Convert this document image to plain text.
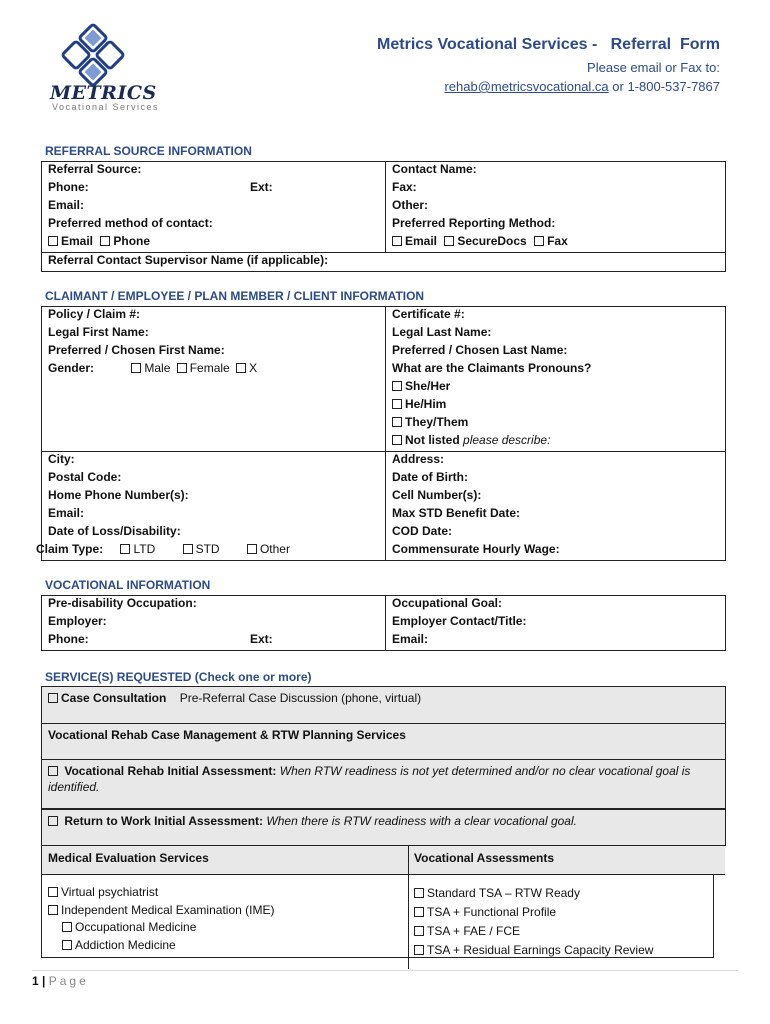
METRICS
Vocational Services
Metrics Vocational Services -   Referral  Form
Please email or Fax to:
rehab@metricsvocational.ca or 1-800-537-7867
REFERRAL SOURCE INFORMATION
Referral Source:	Contact Name:
Phone: Ext:	Fax:
Email:	Other:
Preferred method of contact:	Preferred Reporting Method:
Email Phone	Email SecureDocs Fax
Referral Contact Supervisor Name (if applicable):	
CLAIMANT / EMPLOYEE / PLAN MEMBER / CLIENT INFORMATION
Policy / Claim #:	Certificate #:
Legal First Name:	Legal Last Name:
Preferred / Chosen First Name:	Preferred / Chosen Last Name:
Gender: Male Female X	What are the Claimants Pronouns?
	She/Her
	He/Him
	They/Them
	Not listed please describe:
City:	Address:
Postal Code:	Date of Birth:
Home Phone Number(s):	Cell Number(s):
Email:	Max STD Benefit Date:
Date of Loss/Disability:	COD Date:
Claim Type: LTD STD Other	Commensurate Hourly Wage:
VOCATIONAL INFORMATION
Pre-disability Occupation:	Occupational Goal:
Employer:	Employer Contact/Title:
Phone: Ext:	Email:
SERVICE(S) REQUESTED (Check one or more)
Case Consultation Pre-Referral Case Discussion (phone, virtual)
Vocational Rehab Case Management & RTW Planning Services
Vocational Rehab Initial Assessment: When RTW readiness is not yet determined and/or no clear vocational goal is identified.
Return to Work Initial Assessment: When there is RTW readiness with a clear vocational goal.
Medical Evaluation Services	Vocational Assessments
Virtual psychiatrist
Independent Medical Examination (IME)
Occupational Medicine
Addiction Medicine
Standard TSA – RTW Ready
TSA + Functional Profile
TSA + FAE / FCE
TSA + Residual Earnings Capacity Review
1 | Page
